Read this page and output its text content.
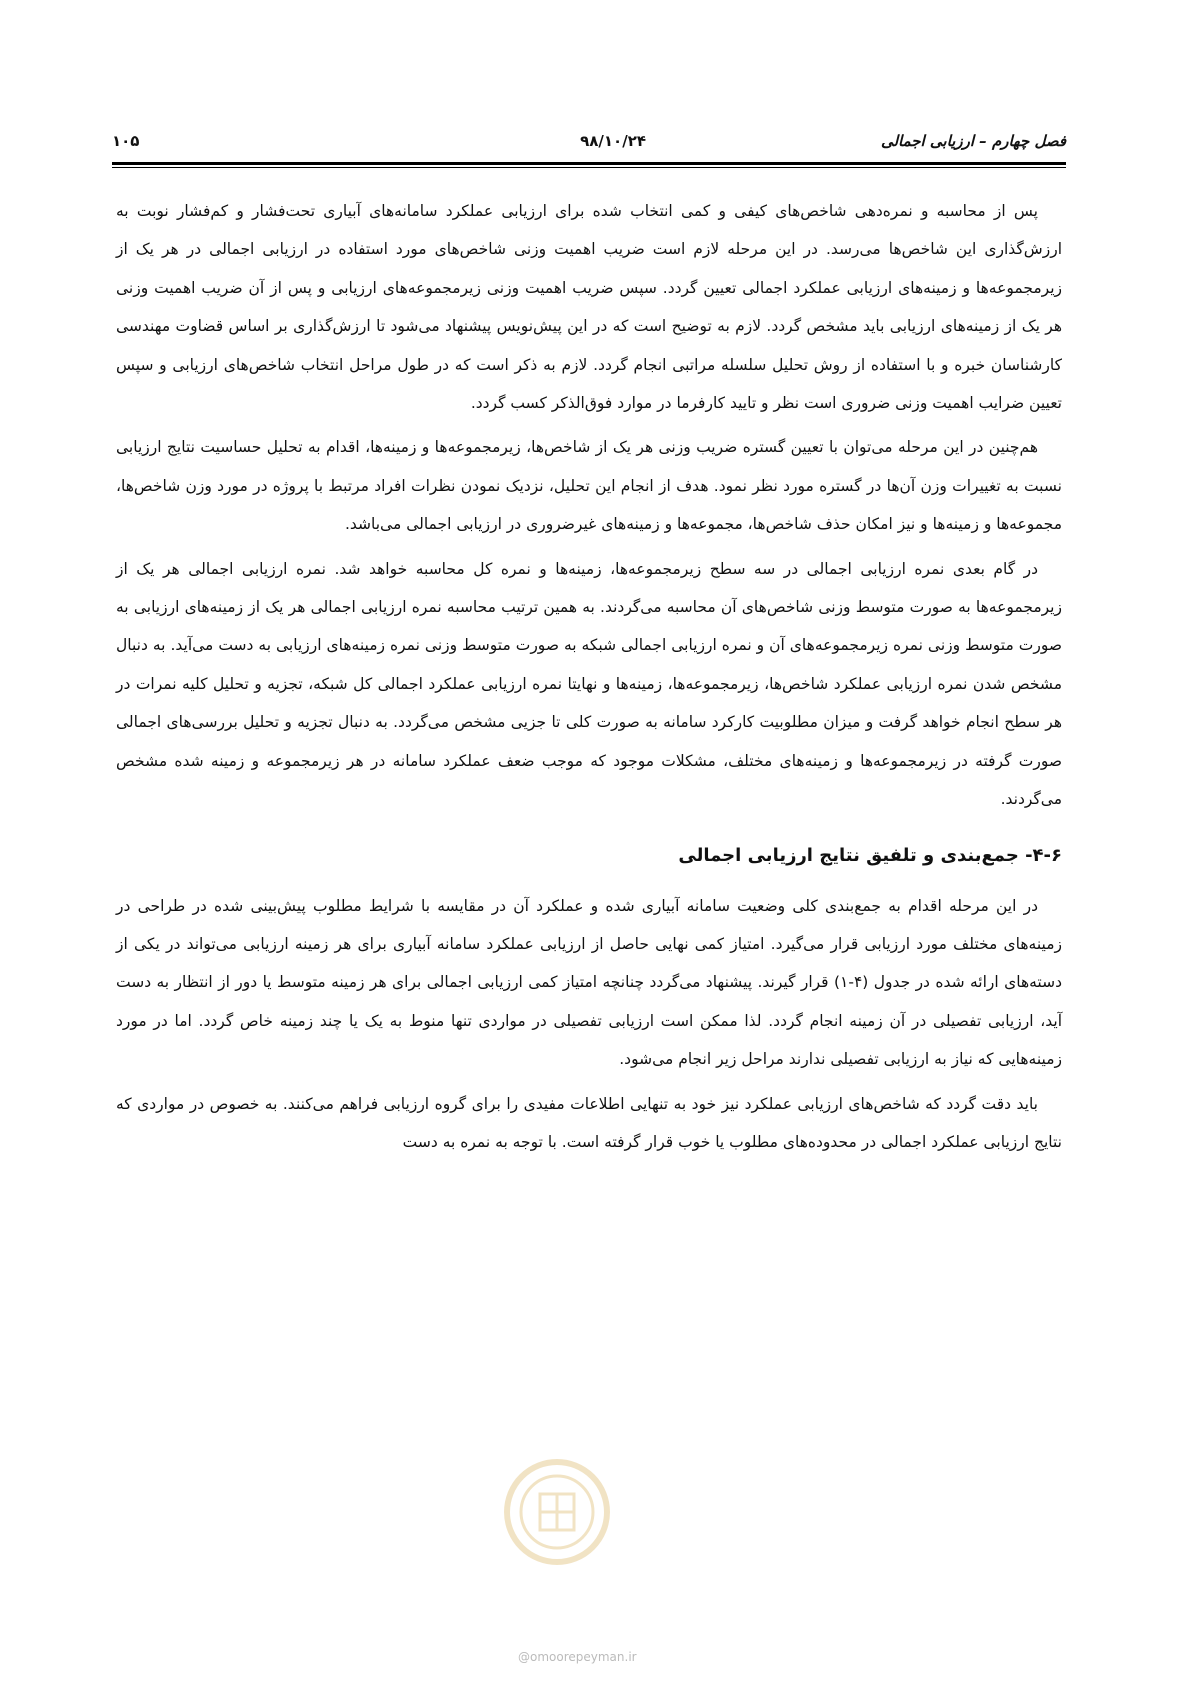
فصل چهارم – ارزیابی اجمالی
۹۸/۱۰/۲۴
۱۰۵

پس از محاسبه و نمره‌دهی شاخص‌های کیفی و کمی انتخاب شده برای ارزیابی عملکرد سامانه‌های آبیاری تحت‌فشار و کم‌فشار نوبت به ارزش‌گذاری این شاخص‌ها می‌رسد. در این مرحله لازم است ضریب اهمیت وزنی شاخص‌های مورد استفاده در ارزیابی اجمالی در هر یک از زیرمجموعه‌ها و زمینه‌های ارزیابی عملکرد اجمالی تعیین گردد. سپس ضریب اهمیت وزنی زیرمجموعه‌های ارزیابی و پس از آن ضریب اهمیت وزنی هر یک از زمینه‌های ارزیابی باید مشخص گردد. لازم به توضیح است که در این پیش‌نویس پیشنهاد می‌شود تا ارزش‌گذاری بر اساس قضاوت مهندسی کارشناسان خبره و با استفاده از روش تحلیل سلسله مراتبی انجام گردد. لازم به ذکر است که در طول مراحل انتخاب شاخص‌های ارزیابی و سپس تعیین ضرایب اهمیت وزنی ضروری است نظر و تایید کارفرما در موارد فوق‌الذکر کسب گردد.

هم‌چنین در این مرحله می‌توان با تعیین گستره ضریب وزنی هر یک از شاخص‌ها، زیرمجموعه‌ها و زمینه‌ها، اقدام به تحلیل حساسیت نتایج ارزیابی نسبت به تغییرات وزن آن‌ها در گستره مورد نظر نمود. هدف از انجام این تحلیل، نزدیک نمودن نظرات افراد مرتبط با پروژه در مورد وزن شاخص‌ها، مجموعه‌ها و زمینه‌ها و نیز امکان حذف شاخص‌ها، مجموعه‌ها و زمینه‌های غیرضروری در ارزیابی اجمالی می‌باشد.

در گام بعدی نمره ارزیابی اجمالی در سه سطح زیرمجموعه‌ها، زمینه‌ها و نمره کل محاسبه خواهد شد. نمره ارزیابی اجمالی هر یک از زیرمجموعه‌ها به صورت متوسط وزنی شاخص‌های آن محاسبه می‌گردند. به همین ترتیب محاسبه نمره ارزیابی اجمالی هر یک از زمینه‌های ارزیابی به صورت متوسط وزنی نمره زیرمجموعه‌های آن و نمره ارزیابی اجمالی شبکه به صورت متوسط وزنی نمره زمینه‌های ارزیابی به دست می‌آید. به دنبال مشخص شدن نمره ارزیابی عملکرد شاخص‌ها، زیرمجموعه‌ها، زمینه‌ها و نهایتا نمره ارزیابی عملکرد اجمالی کل شبکه، تجزیه و تحلیل کلیه نمرات در هر سطح انجام خواهد گرفت و میزان مطلوبیت کارکرد سامانه به صورت کلی تا جزیی مشخص می‌گردد. به دنبال تجزیه و تحلیل بررسی‌های اجمالی صورت گرفته در زیرمجموعه‌ها و زمینه‌های مختلف، مشکلات موجود که موجب ضعف عملکرد سامانه در هر زیرمجموعه و زمینه شده مشخص می‌گردند.

۴-۶- جمع‌بندی و تلفیق نتایج ارزیابی اجمالی

در این مرحله اقدام به جمع‌بندی کلی وضعیت سامانه آبیاری شده و عملکرد آن در مقایسه با شرایط مطلوب پیش‌بینی شده در طراحی در زمینه‌های مختلف مورد ارزیابی قرار می‌گیرد. امتیاز کمی نهایی حاصل از ارزیابی عملکرد سامانه آبیاری برای هر زمینه ارزیابی می‌تواند در یکی از دسته‌های ارائه شده در جدول (۴-۱) قرار گیرند. پیشنهاد می‌گردد چنانچه امتیاز کمی ارزیابی اجمالی برای هر زمینه متوسط یا دور از انتظار به دست آید، ارزیابی تفصیلی در آن زمینه انجام گردد. لذا ممکن است ارزیابی تفصیلی در مواردی تنها منوط به یک یا چند زمینه خاص گردد. اما در مورد زمینه‌هایی که نیاز به ارزیابی تفصیلی ندارند مراحل زیر انجام می‌شود.

باید دقت گردد که شاخص‌های ارزیابی عملکرد نیز خود به تنهایی اطلاعات مفیدی را برای گروه ارزیابی فراهم می‌کنند. به خصوص در مواردی که نتایج ارزیابی عملکرد اجمالی در محدوده‌های مطلوب یا خوب قرار گرفته است. با توجه به نمره به دست

@omoorepeyman.ir
